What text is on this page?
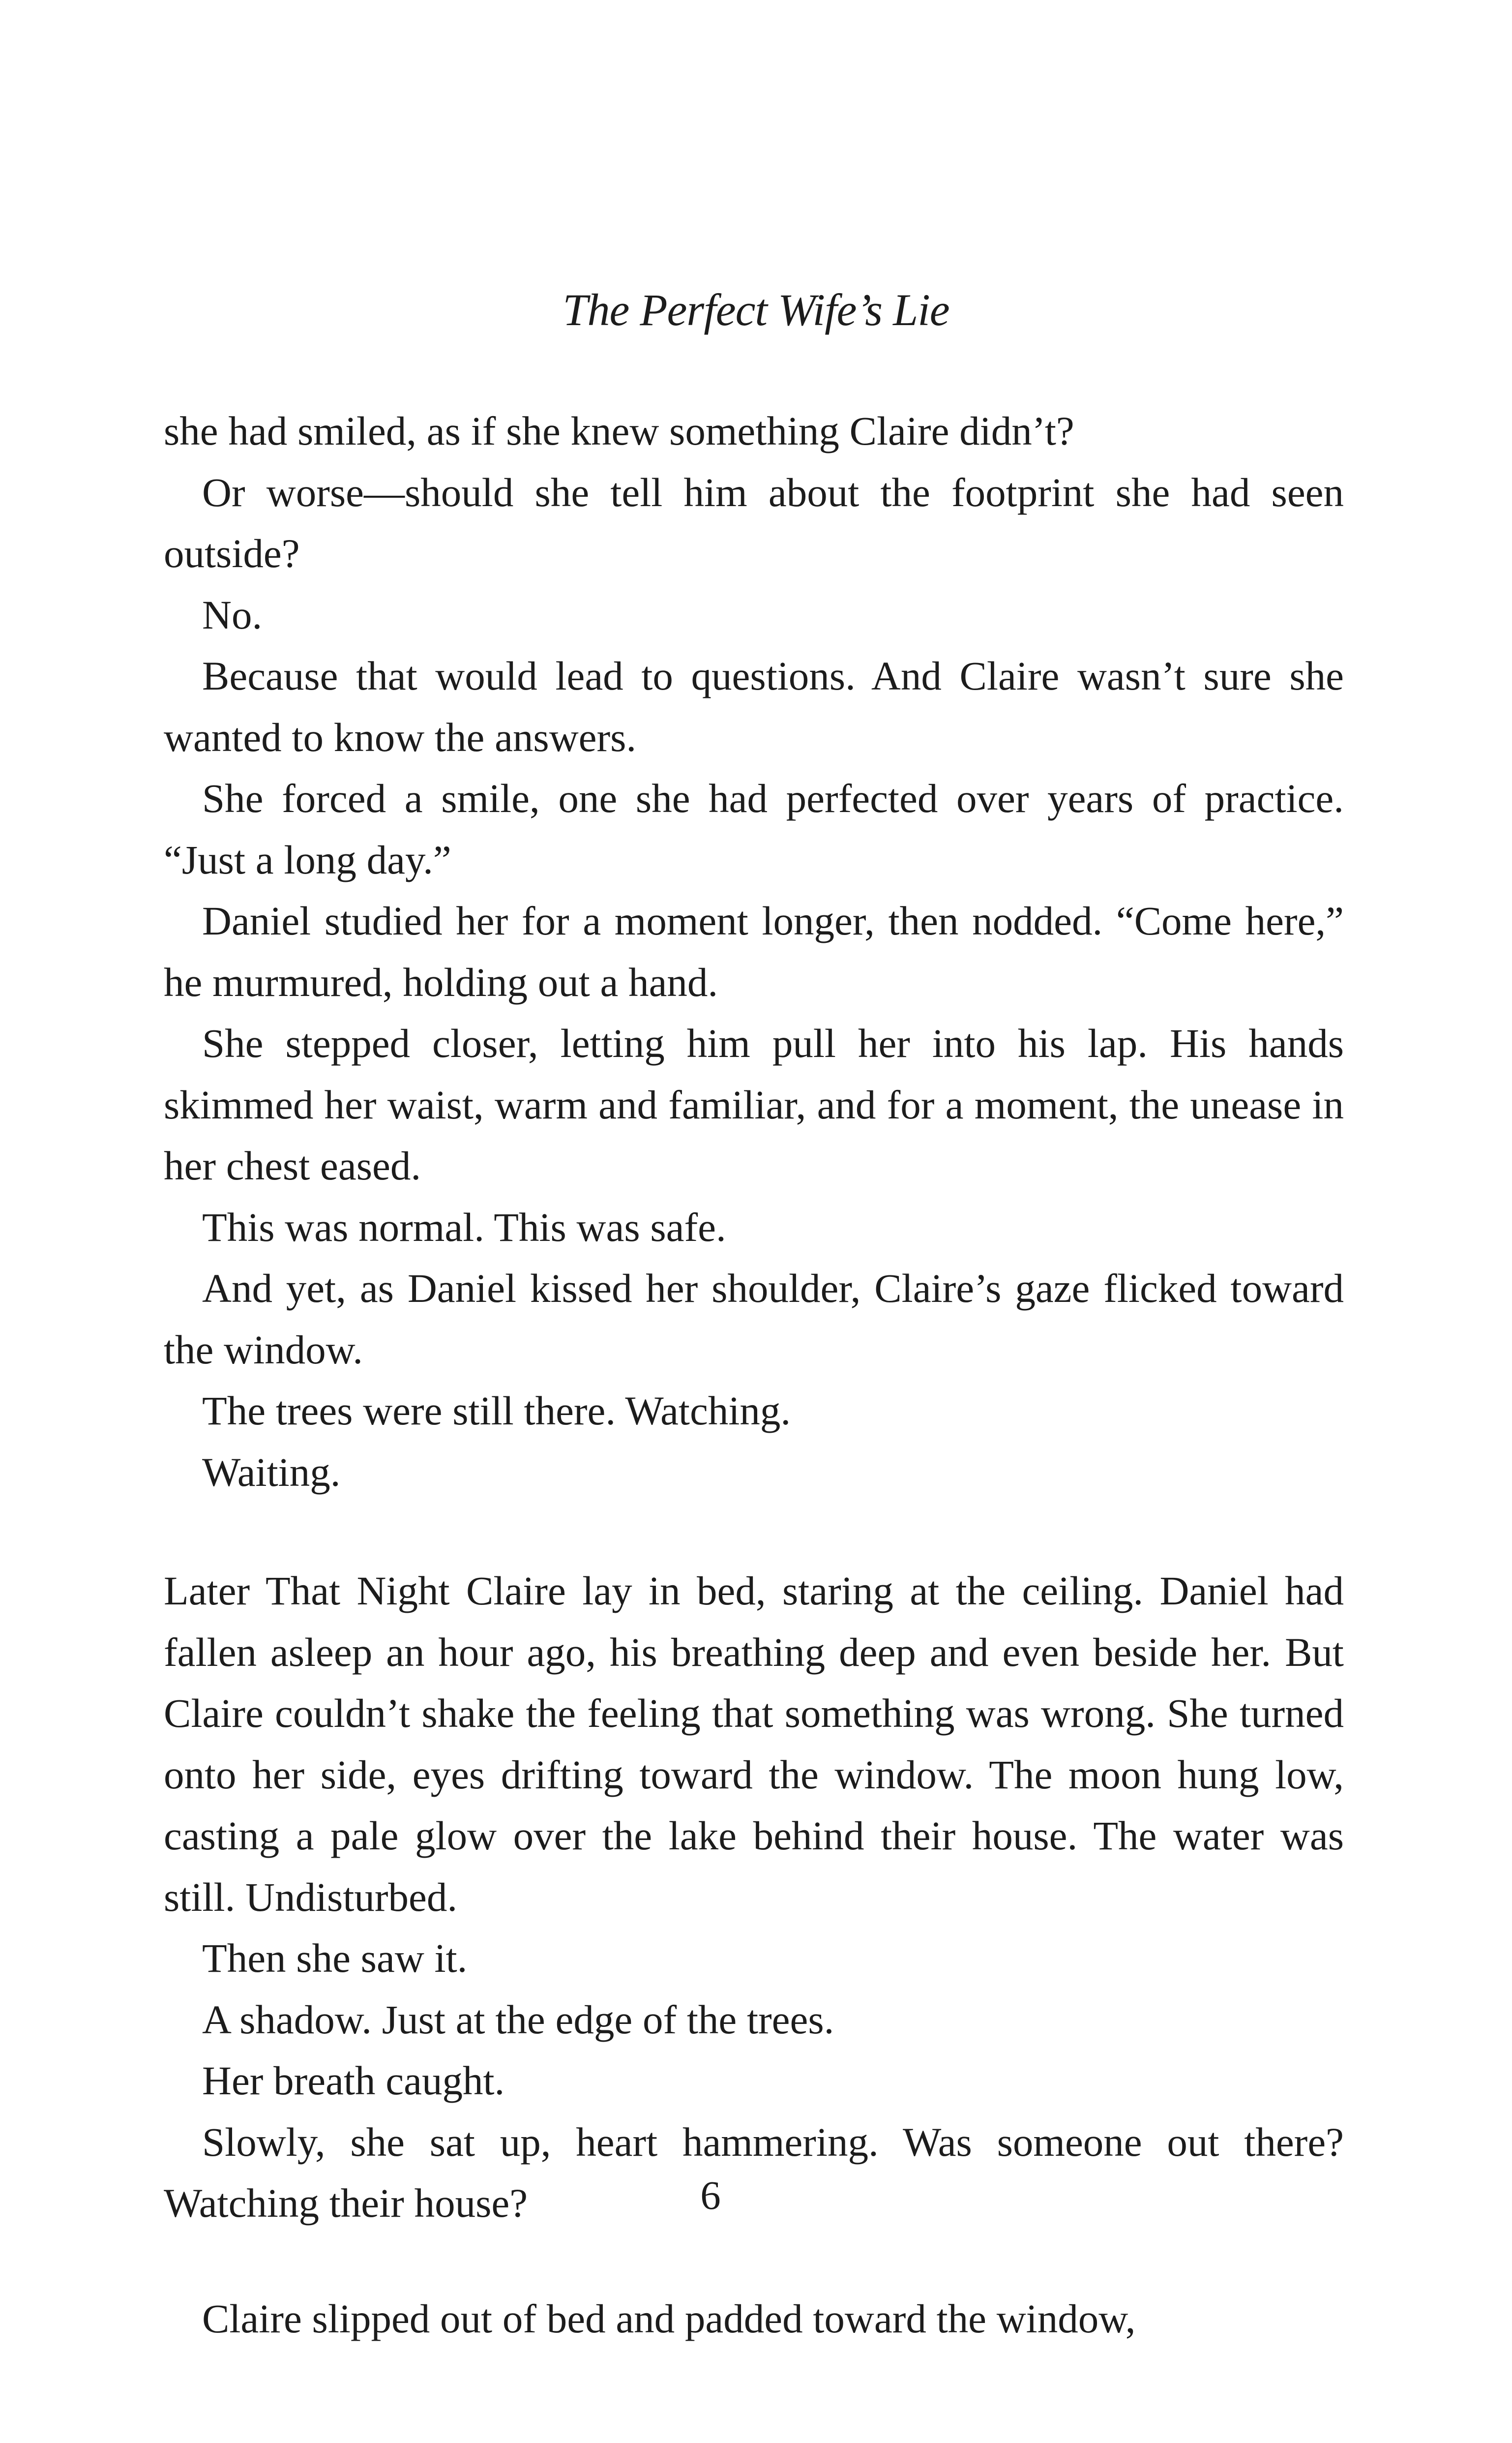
The Perfect Wife’s Lie

she had smiled, as if she knew something Claire didn’t?

Or worse—should she tell him about the footprint she had seen outside?

No.

Because that would lead to questions. And Claire wasn’t sure she wanted to know the answers.

She forced a smile, one she had perfected over years of practice. “Just a long day.”

Daniel studied her for a moment longer, then nodded. “Come here,” he murmured, holding out a hand.

She stepped closer, letting him pull her into his lap. His hands skimmed her waist, warm and familiar, and for a moment, the unease in her chest eased.

This was normal. This was safe.

And yet, as Daniel kissed her shoulder, Claire’s gaze flicked toward the window.

The trees were still there. Watching.

Waiting.

Later That Night Claire lay in bed, staring at the ceiling. Daniel had fallen asleep an hour ago, his breathing deep and even beside her. But Claire couldn’t shake the feeling that something was wrong. She turned onto her side, eyes drifting toward the window. The moon hung low, casting a pale glow over the lake behind their house. The water was still. Undisturbed.

Then she saw it.

A shadow. Just at the edge of the trees.

Her breath caught.

Slowly, she sat up, heart hammering. Was someone out there? Watching their house?	6

Claire slipped out of bed and padded toward the window,
